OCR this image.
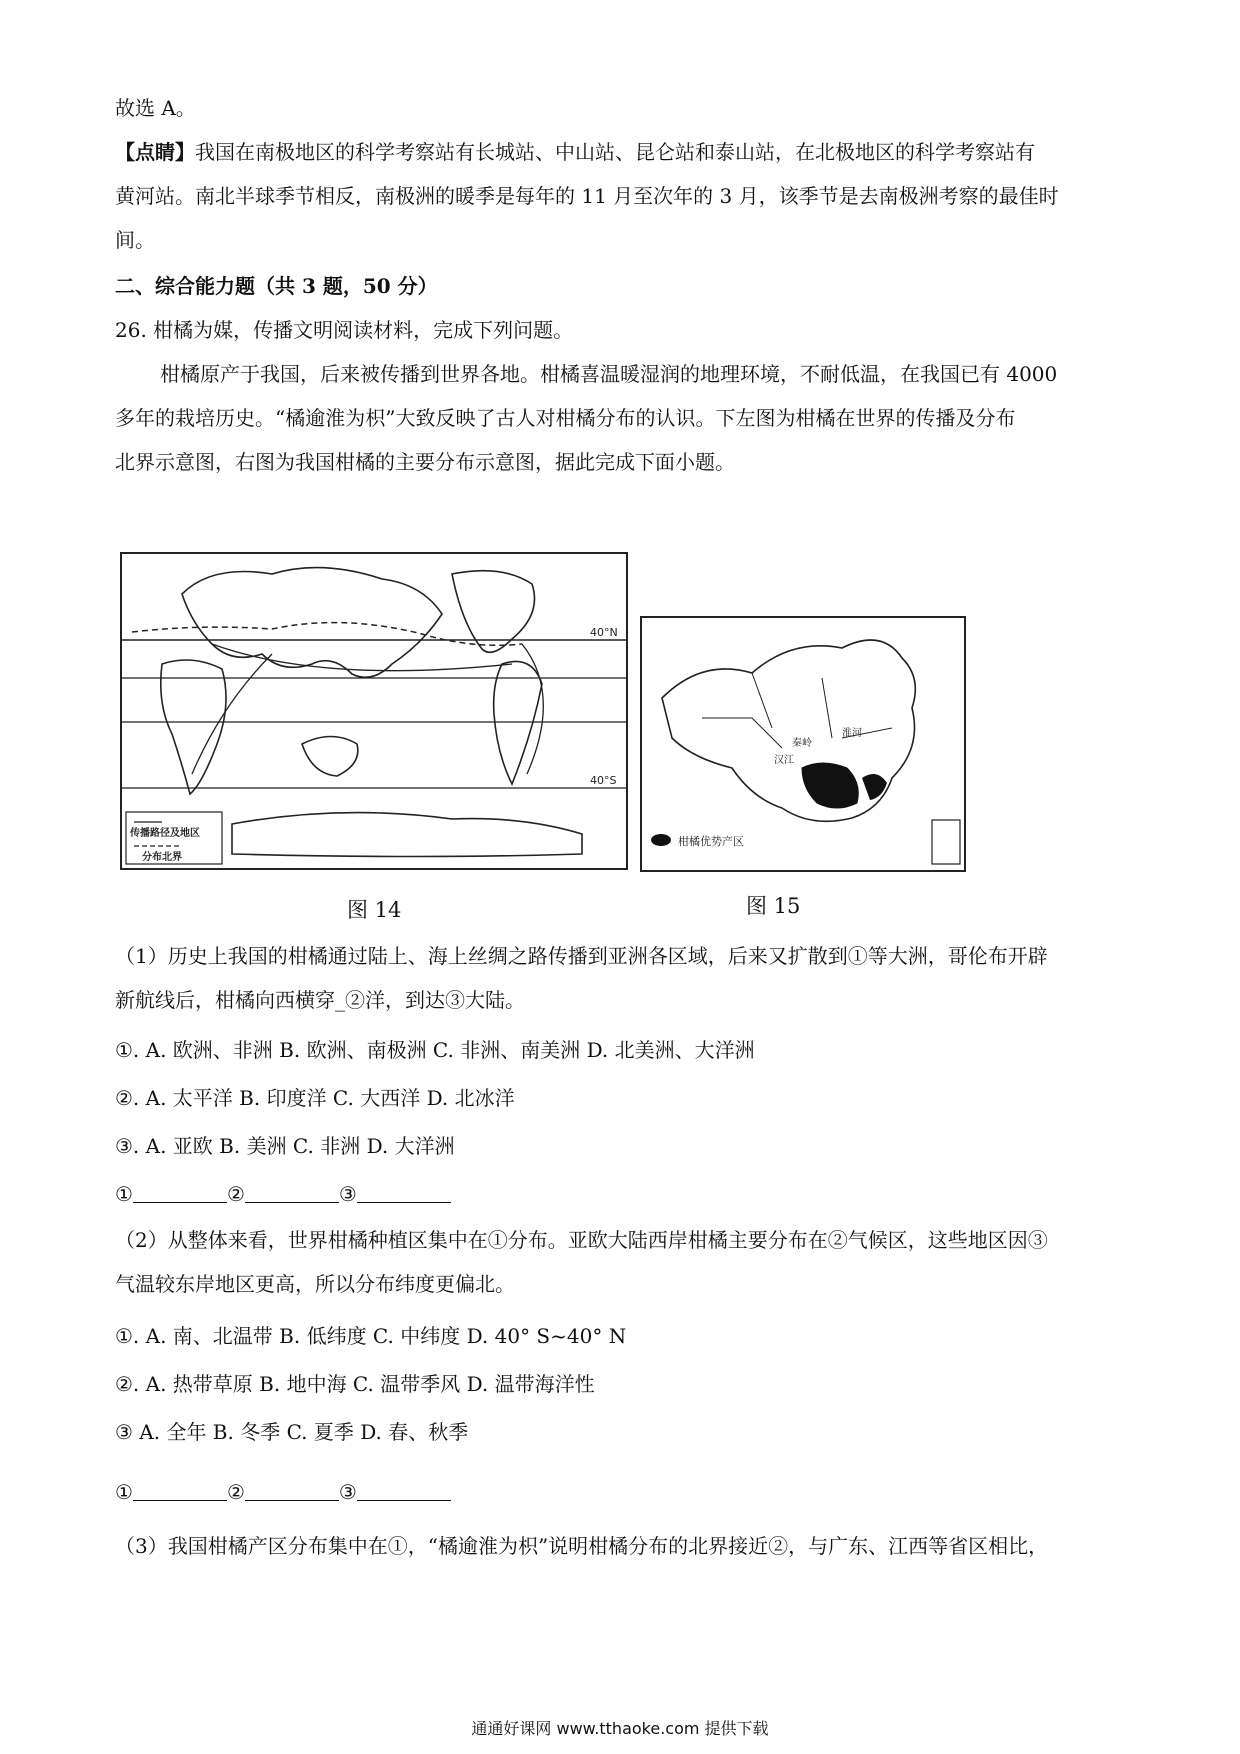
故选 A。
【点睛】我国在南极地区的科学考察站有长城站、中山站、昆仑站和泰山站，在北极地区的科学考察站有
黄河站。南北半球季节相反，南极洲的暖季是每年的 11 月至次年的 3 月，该季节是去南极洲考察的最佳时
间。
二、综合能力题（共 3 题，50 分）
26. 柑橘为媒，传播文明阅读材料，完成下列问题。
柑橘原产于我国，后来被传播到世界各地。柑橘喜温暖湿润的地理环境，不耐低温，在我国已有 4000
多年的栽培历史。“橘逾淮为枳”大致反映了古人对柑橘分布的认识。下左图为柑橘在世界的传播及分布
北界示意图，右图为我国柑橘的主要分布示意图，据此完成下面小题。
40°N
40°S
传播路径及地区
分布北界
图 14
秦岭
淮河
汉江
柑橘优势产区
图 15
（1）历史上我国的柑橘通过陆上、海上丝绸之路传播到亚洲各区域，后来又扩散到①等大洲，哥伦布开辟
新航线后，柑橘向西横穿_②洋，到达③大陆。
①. A. 欧洲、非洲 B. 欧洲、南极洲 C. 非洲、南美洲 D. 北美洲、大洋洲
②. A. 太平洋 B. 印度洋 C. 大西洋 D. 北冰洋
③. A. 亚欧 B. 美洲 C. 非洲 D. 大洋洲
①	②	③
（2）从整体来看，世界柑橘种植区集中在①分布。亚欧大陆西岸柑橘主要分布在②气候区，这些地区因③
气温较东岸地区更高，所以分布纬度更偏北。
①. A. 南、北温带 B. 低纬度 C. 中纬度 D. 40° S~40° N
②. A. 热带草原 B. 地中海 C. 温带季风 D. 温带海洋性
③ A. 全年 B. 冬季 C. 夏季 D. 春、秋季
①	②	③
（3）我国柑橘产区分布集中在①，“橘逾淮为枳”说明柑橘分布的北界接近②，与广东、江西等省区相比，
通通好课网 www.tthaoke.com 提供下载
